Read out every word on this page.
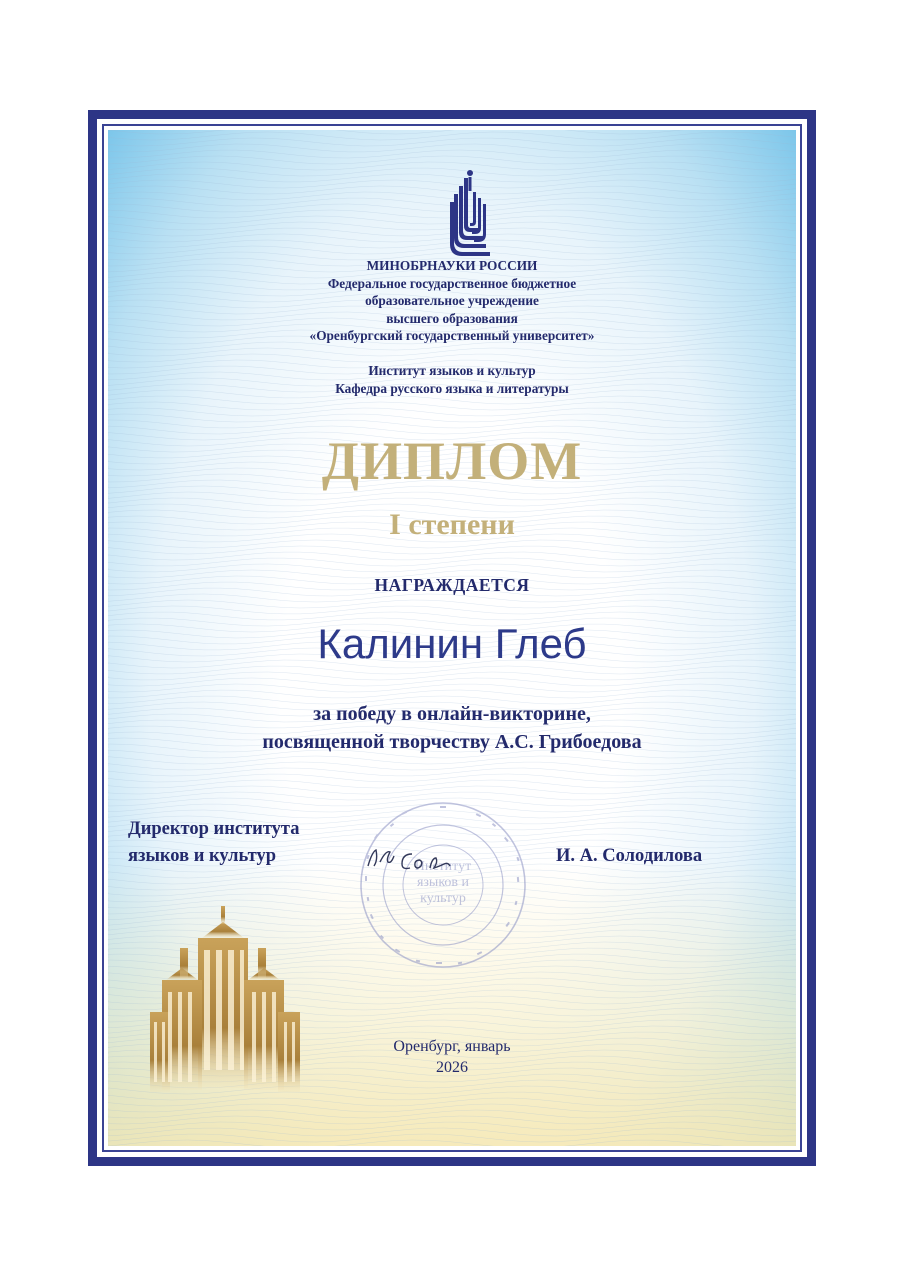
МИНОБРНАУКИ РОССИИ
Федеральное государственное бюджетное
образовательное учреждение
высшего образования
«Оренбургский государственный университет»
Институт языков и культур
Кафедра русского языка и литературы
ДИПЛОМ
I степени
НАГРАЖДАЕТСЯ
Калинин Глеб
за победу в онлайн-викторине,
посвященной творчеству А.С. Грибоедова
Институт
языков и
культур
Директор института
языков и культур	И. А. Солодилова
Оренбург, январь
2026
